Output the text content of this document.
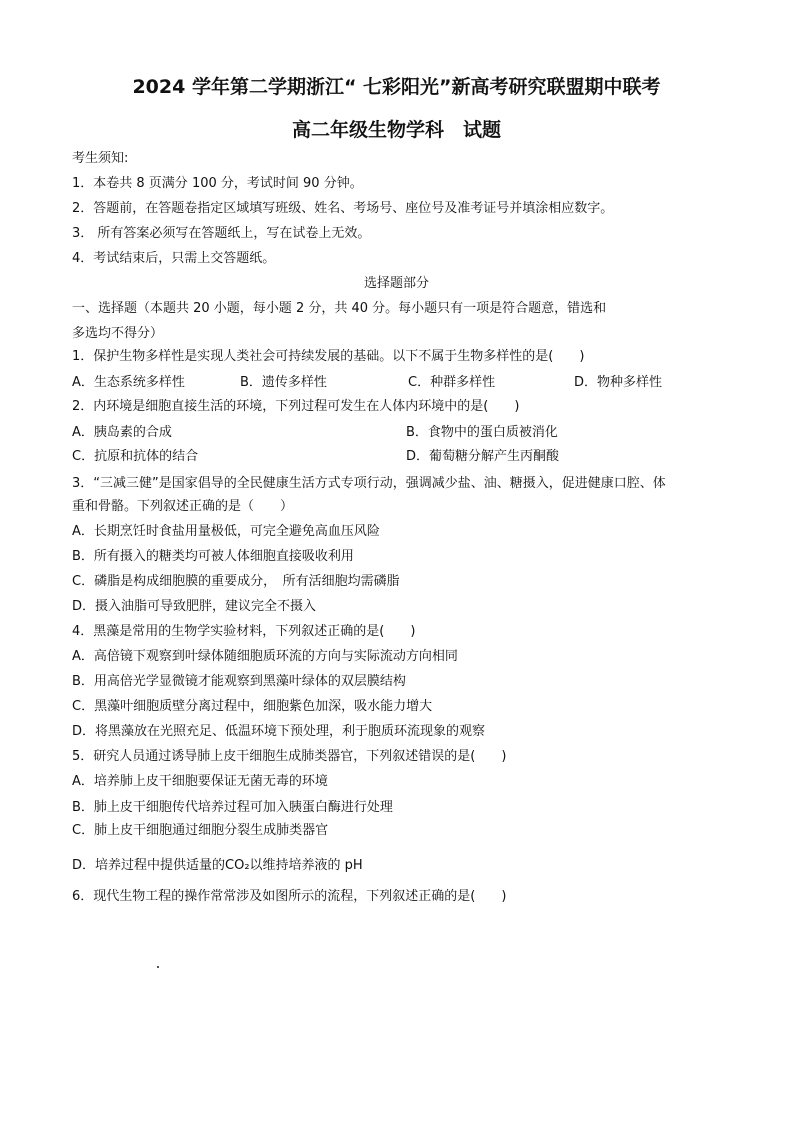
2024 学年第二学期浙江“ 七彩阳光”新高考研究联盟期中联考
高二年级生物学科　试题
考生须知:
1．本卷共 8 页满分 100 分，考试时间 90 分钟。
2．答题前，在答题卷指定区域填写班级、姓名、考场号、座位号及准考证号并填涂相应数字。
3． 所有答案必须写在答题纸上，写在试卷上无效。
4．考试结束后，只需上交答题纸。
选择题部分
一、选择题（本题共 20 小题，每小题 2 分，共 40 分。每小题只有一项是符合题意，错选和
多选均不得分）
1．保护生物多样性是实现人类社会可持续发展的基础。以下不属于生物多样性的是(　　)
A．生态系统多样性	B．遗传多样性	C．种群多样性	D．物种多样性
2．内环境是细胞直接生活的环境，下列过程可发生在人体内环境中的是(　　)
A．胰岛素的合成	B．食物中的蛋白质被消化
C．抗原和抗体的结合	D．葡萄糖分解产生丙酮酸
3．“三减三健”是国家倡导的全民健康生活方式专项行动，强调减少盐、油、糖摄入，促进健康口腔、体
重和骨骼。下列叙述正确的是（　　）
A．长期烹饪时食盐用量极低，可完全避免高血压风险
B．所有摄入的糖类均可被人体细胞直接吸收利用
C．磷脂是构成细胞膜的重要成分，　所有活细胞均需磷脂
D．摄入油脂可导致肥胖，建议完全不摄入
4．黑藻是常用的生物学实验材料，下列叙述正确的是(　　)
A．高倍镜下观察到叶绿体随细胞质环流的方向与实际流动方向相同
B．用高倍光学显微镜才能观察到黑藻叶绿体的双层膜结构
C．黑藻叶细胞质壁分离过程中，细胞紫色加深，吸水能力增大
D．将黑藻放在光照充足、低温环境下预处理，利于胞质环流现象的观察
5．研究人员通过诱导肺上皮干细胞生成肺类器官，下列叙述错误的是(　　)
A．培养肺上皮干细胞要保证无菌无毒的环境
B．肺上皮干细胞传代培养过程可加入胰蛋白酶进行处理
C．肺上皮干细胞通过细胞分裂生成肺类器官
D．培养过程中提供适量的CO₂以维持培养液的 pH
6．现代生物工程的操作常常涉及如图所示的流程，下列叙述正确的是(　　)
